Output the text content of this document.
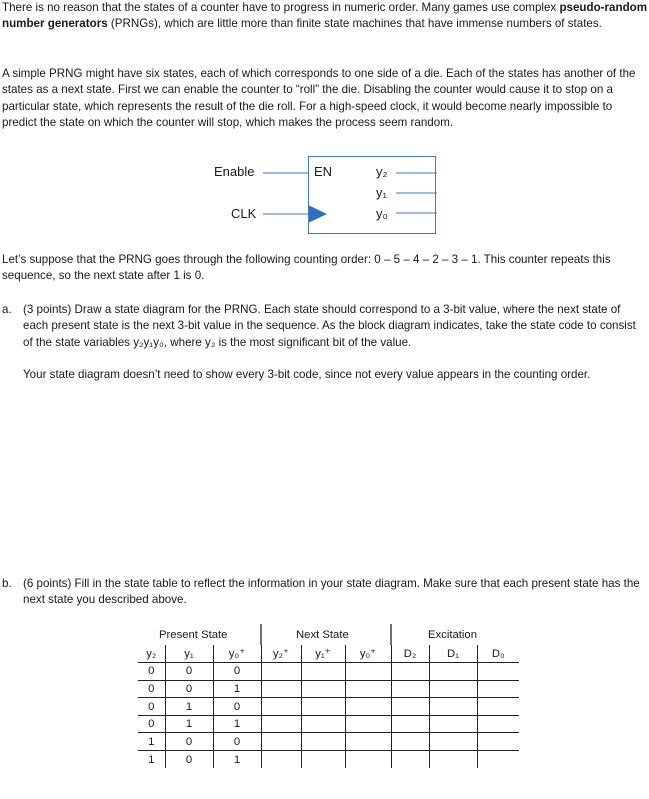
There is no reason that the states of a counter have to progress in numeric order. Many games use complex pseudo-random number generators (PRNGs), which are little more than finite state machines that have immense numbers of states.

A simple PRNG might have six states, each of which corresponds to one side of a die. Each of the states has another of the states as a next state. First we can enable the counter to “roll” the die. Disabling the counter would cause it to stop on a particular state, which represents the result of the die roll. For a high-speed clock, it would become nearly impossible to predict the state on which the counter will stop, which makes the process seem random.

Enable
CLK
EN	y₂
y₁
y₀

Let’s suppose that the PRNG goes through the following counting order: 0 – 5 – 4 – 2 – 3 – 1. This counter repeats this sequence, so the next state after 1 is 0.

a. (3 points) Draw a state diagram for the PRNG. Each state should correspond to a 3-bit value, where the next state of each present state is the next 3-bit value in the sequence. As the block diagram indicates, take the state code to consist of the state variables y₂y₁y₀, where y₂ is the most significant bit of the value.
Your state diagram doesn’t need to show every 3-bit code, since not every value appears in the counting order.
b. (6 points) Fill in the state table to reflect the information in your state diagram. Make sure that each present state has the next state you described above.
Present State	Next State	Excitation
y₂	y₁	y₀⁺	y₂⁺	y₁⁺	y₀⁺	D₂	D₁	D₀
0	0	0						
0	0	1						
0	1	0						
0	1	1						
1	0	0						
1	0	1						
